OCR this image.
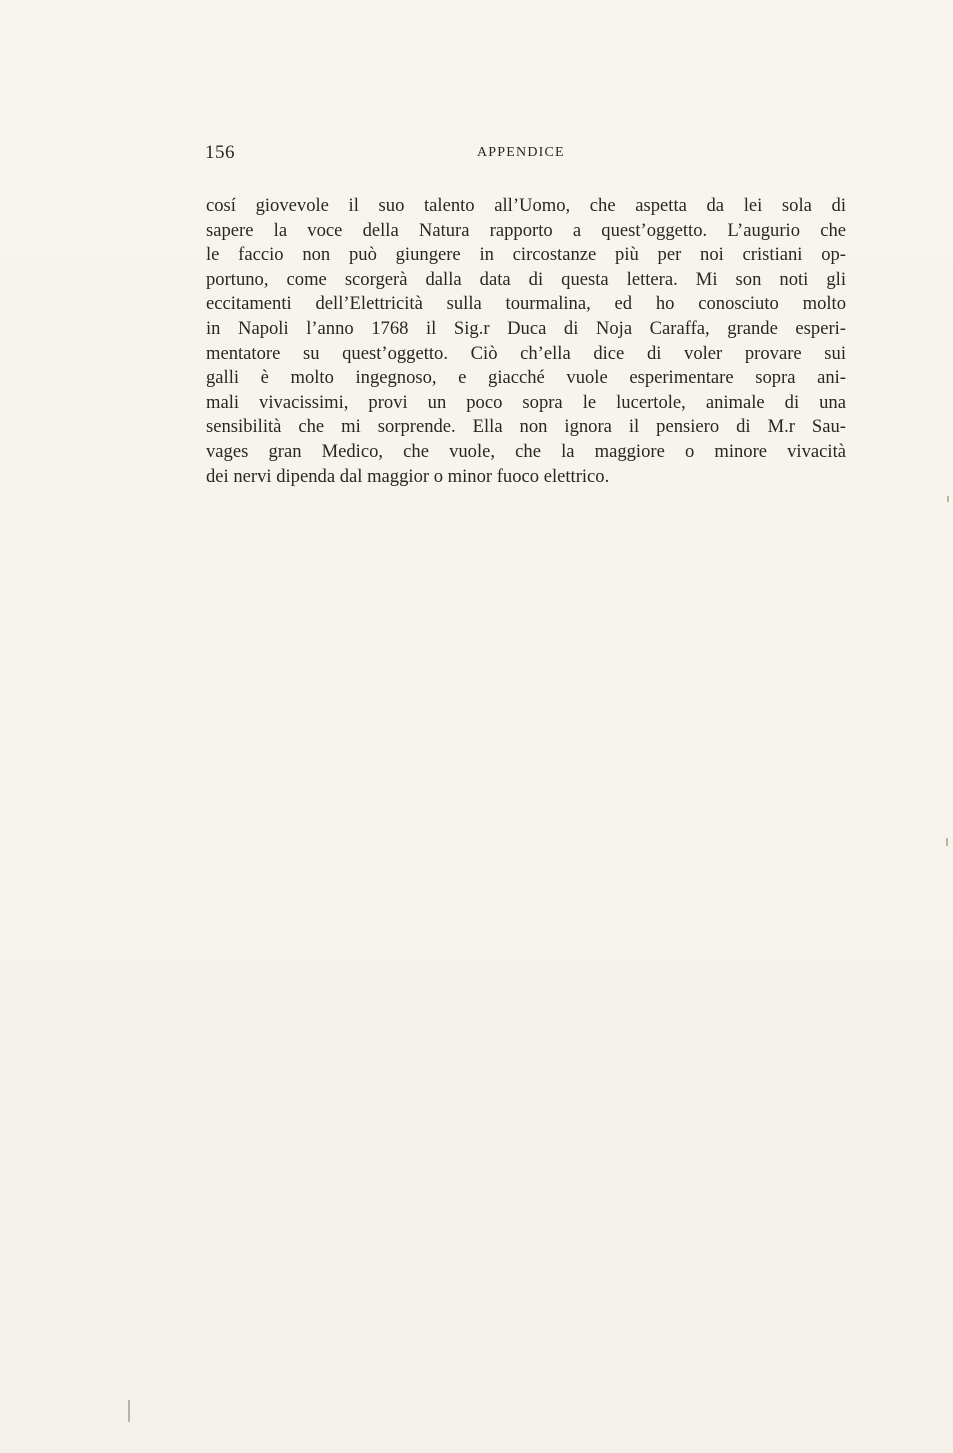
156	APPENDICE

cosí giovevole il suo talento all’Uomo, che aspetta da lei sola di
sapere la voce della Natura rapporto a quest’oggetto. L’augurio che
le faccio non può giungere in circostanze più per noi cristiani op-
portuno, come scorgerà dalla data di questa lettera. Mi son noti gli
eccitamenti dell’Elettricità sulla tourmalina, ed ho conosciuto molto
in Napoli l’anno 1768 il Sig.r Duca di Noja Caraffa, grande esperi-
mentatore su quest’oggetto. Ciò ch’ella dice di voler provare sui
galli è molto ingegnoso, e giacché vuole esperimentare sopra ani-
mali vivacissimi, provi un poco sopra le lucertole, animale di una
sensibilità che mi sorprende. Ella non ignora il pensiero di M.r Sau-
vages gran Medico, che vuole, che la maggiore o minore vivacità
dei nervi dipenda dal maggior o minor fuoco elettrico.
